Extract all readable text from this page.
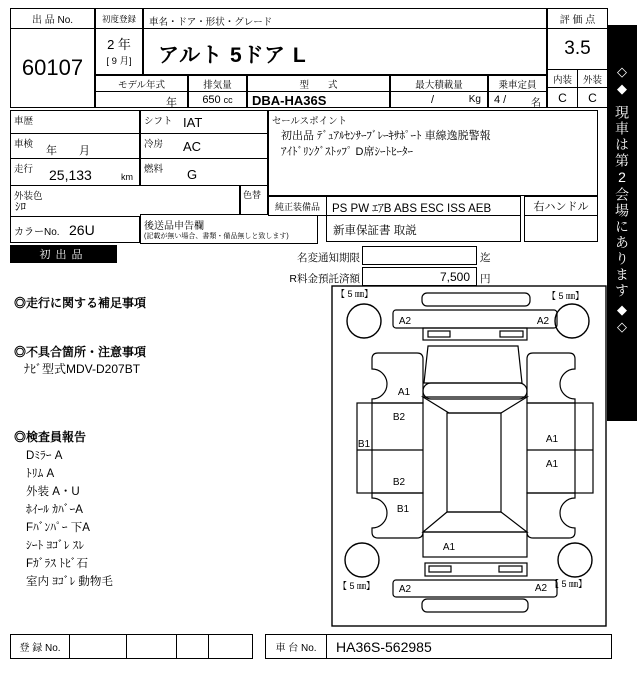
出 品 No.
60107
初度登録
2 年
[ 9 月]
車名・ドア・形状・グレード
アルト 5ドア L
評 価 点
3.5
内装	外装
C	C
モデル年式
年
排気量
650 cc
型　　式
DBA-HA36S
最大積載量
/	Kg
乗車定員
4 / 名
車歴	シフト IAT
車検
年　　月
冷房 AC
走行 25,133	km
燃料 G
外装色
ｼﾛ
色替
カラーNo. 26U	後送品申告欄
(記載が無い場合、書類・備品無しと致します)
セールスポイント
初出品 ﾃﾞｭｱﾙｾﾝｻｰﾌﾞﾚｰｷｻﾎﾟｰﾄ 車線逸脱警報
ｱｲﾄﾞﾘﾝｸﾞｽﾄｯﾌﾟ D席ｼｰﾄﾋｰﾀｰ
純正装備品	PS PW ｴｱB ABS ESC ISS AEB	右ハンドル
新車保証書 取説
初出品	名変通知期限	迄
R料金預託済額	7,500 円
◎走行に関する補足事項
◎不具合箇所・注意事項
ﾅﾋﾞ型式MDV-D207BT
◎検査員報告
Dﾐﾗｰ A
ﾄﾘﾑ A
外装 A・U
ﾎｲｰﾙ ｶﾊﾞｰA
Fﾊﾞﾝﾊﾟｰ 下A
ｼｰﾄ ﾖｺﾞﾚ ｽﾚ
Fｶﾞﾗｽ ﾄﾋﾞ石
室内 ﾖｺﾞﾚ 動物毛
A2	A2
A1
B2
B1
B2
B1
A1
A1
A1
A2	A2
【 5 ㎜】	【 5 ㎜】
【 5 ㎜】	【 5 ㎜】
登 録 No.	車 台 No.	HA36S-562985
◇◆
現車は第2会場にあります
◆◇
